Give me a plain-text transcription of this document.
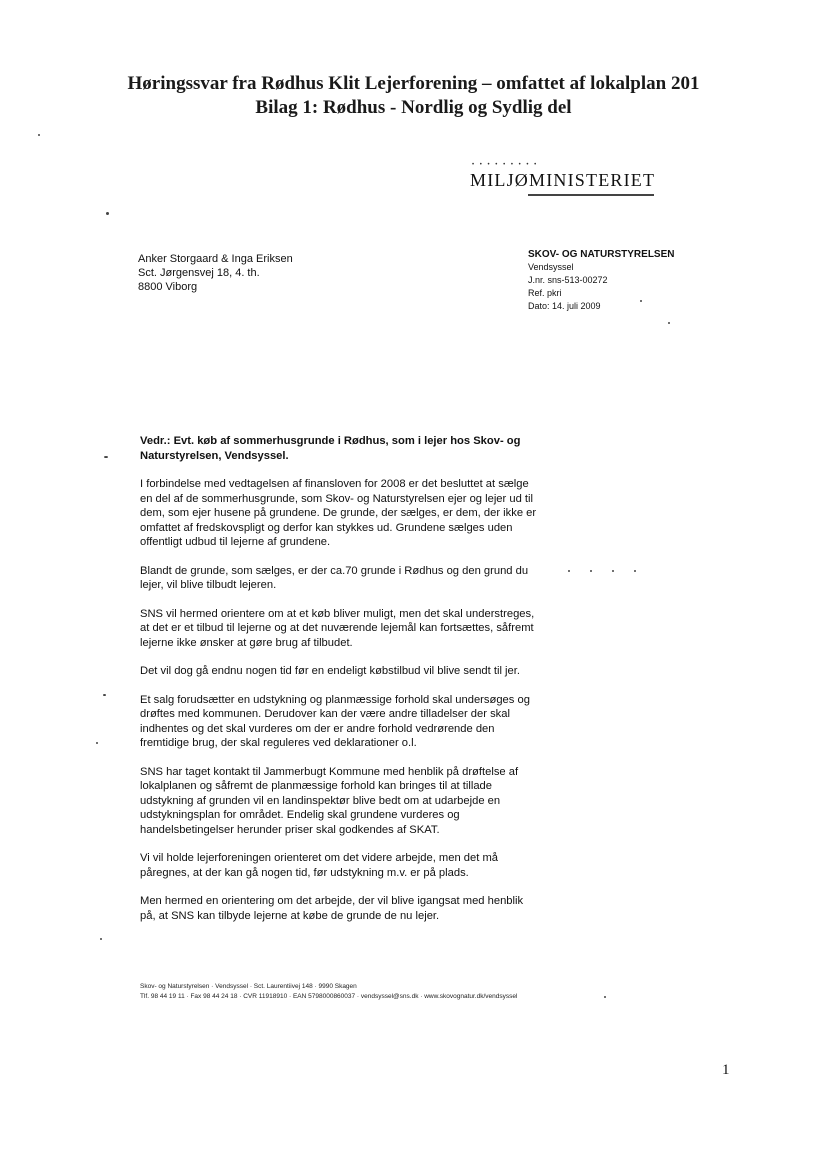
Høringssvar fra Rødhus Klit Lejerforening – omfattet af lokalplan 201
Bilag 1: Rødhus - Nordlig og Sydlig del
• • • • • • • • •
MILJØMINISTERIET
Anker Storgaard & Inga Eriksen
Sct. Jørgensvej 18, 4. th.
8800 Viborg
SKOV- OG NATURSTYRELSEN
Vendsyssel
J.nr. sns-513-00272
Ref. pkri
Dato: 14. juli 2009

Vedr.: Evt. køb af sommerhusgrunde i Rødhus, som i lejer hos Skov- og Naturstyrelsen, Vendsyssel.

I forbindelse med vedtagelsen af finansloven for 2008 er det besluttet at sælge en del af de sommerhusgrunde, som Skov- og Naturstyrelsen ejer og lejer ud til dem, som ejer husene på grundene. De grunde, der sælges, er dem, der ikke er omfattet af fredskovspligt og derfor kan stykkes ud. Grundene sælges uden offentligt udbud til lejerne af grundene.

Blandt de grunde, som sælges, er der ca.70 grunde i Rødhus og den grund du lejer, vil blive tilbudt lejeren.

SNS vil hermed orientere om at et køb bliver muligt, men det skal understreges, at det er et tilbud til lejerne og at det nuværende lejemål kan fortsættes, såfremt lejerne ikke ønsker at gøre brug af tilbudet.

Det vil dog gå endnu nogen tid før en endeligt købstilbud vil blive sendt til jer.

Et salg forudsætter en udstykning og planmæssige forhold skal undersøges og drøftes med kommunen. Derudover kan der være andre tilladelser der skal indhentes og det skal vurderes om der er andre forhold vedrørende den fremtidige brug, der skal reguleres ved deklarationer o.l.

SNS har taget kontakt til Jammerbugt Kommune med henblik på drøftelse af lokalplanen og såfremt de planmæssige forhold kan bringes til at tillade udstykning af grunden vil en landinspektør blive bedt om at udarbejde en udstykningsplan for området. Endelig skal grundene vurderes og handelsbetingelser herunder priser skal godkendes af SKAT.

Vi vil holde lejerforeningen orienteret om det videre arbejde, men det må påregnes, at der kan gå nogen tid, før udstykning m.v. er på plads.

Men hermed en orientering om det arbejde, der vil blive igangsat med henblik på, at SNS kan tilbyde lejerne at købe de grunde de nu lejer.

Skov- og Naturstyrelsen · Vendsyssel · Sct. Laurentiivej 148 · 9990 Skagen
Tlf. 98 44 19 11 · Fax 98 44 24 18 · CVR 11918910 · EAN 5798000860037 · vendsyssel@sns.dk · www.skovognatur.dk/vendsyssel
1
